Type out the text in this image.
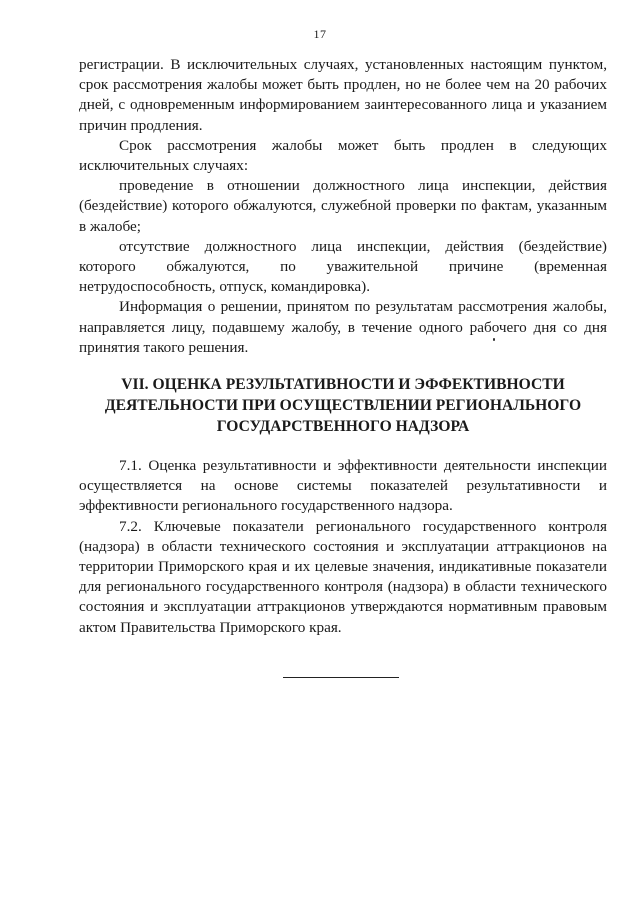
17

регистрации. В исключительных случаях, установленных настоящим пунктом, срок рассмотрения жалобы может быть продлен, но не более чем на 20 рабочих дней, с одновременным информированием заинтересованного лица и указанием причин продления.

Срок рассмотрения жалобы может быть продлен в следующих исключительных случаях:

проведение в отношении должностного лица инспекции, действия (бездействие) которого обжалуются, служебной проверки по фактам, указанным в жалобе;

отсутствие должностного лица инспекции, действия (бездействие) которого обжалуются, по уважительной причине (временная нетрудоспособность, отпуск, командировка).

Информация о решении, принятом по результатам рассмотрения жалобы, направляется лицу, подавшему жалобу, в течение одного рабочего дня со дня принятия такого решения.

VII. ОЦЕНКА РЕЗУЛЬТАТИВНОСТИ И ЭФФЕКТИВНОСТИ
ДЕЯТЕЛЬНОСТИ ПРИ ОСУЩЕСТВЛЕНИИ РЕГИОНАЛЬНОГО
ГОСУДАРСТВЕННОГО НАДЗОРА

7.1. Оценка результативности и эффективности деятельности инспекции осуществляется на основе системы показателей результативности и эффективности регионального государственного надзора.

7.2. Ключевые показатели регионального государственного контроля (надзора) в области технического состояния и эксплуатации аттракционов на территории Приморского края и их целевые значения, индикативные показатели для регионального государственного контроля (надзора) в области технического состояния и эксплуатации аттракционов утверждаются нормативным правовым актом Правительства Приморского края.
